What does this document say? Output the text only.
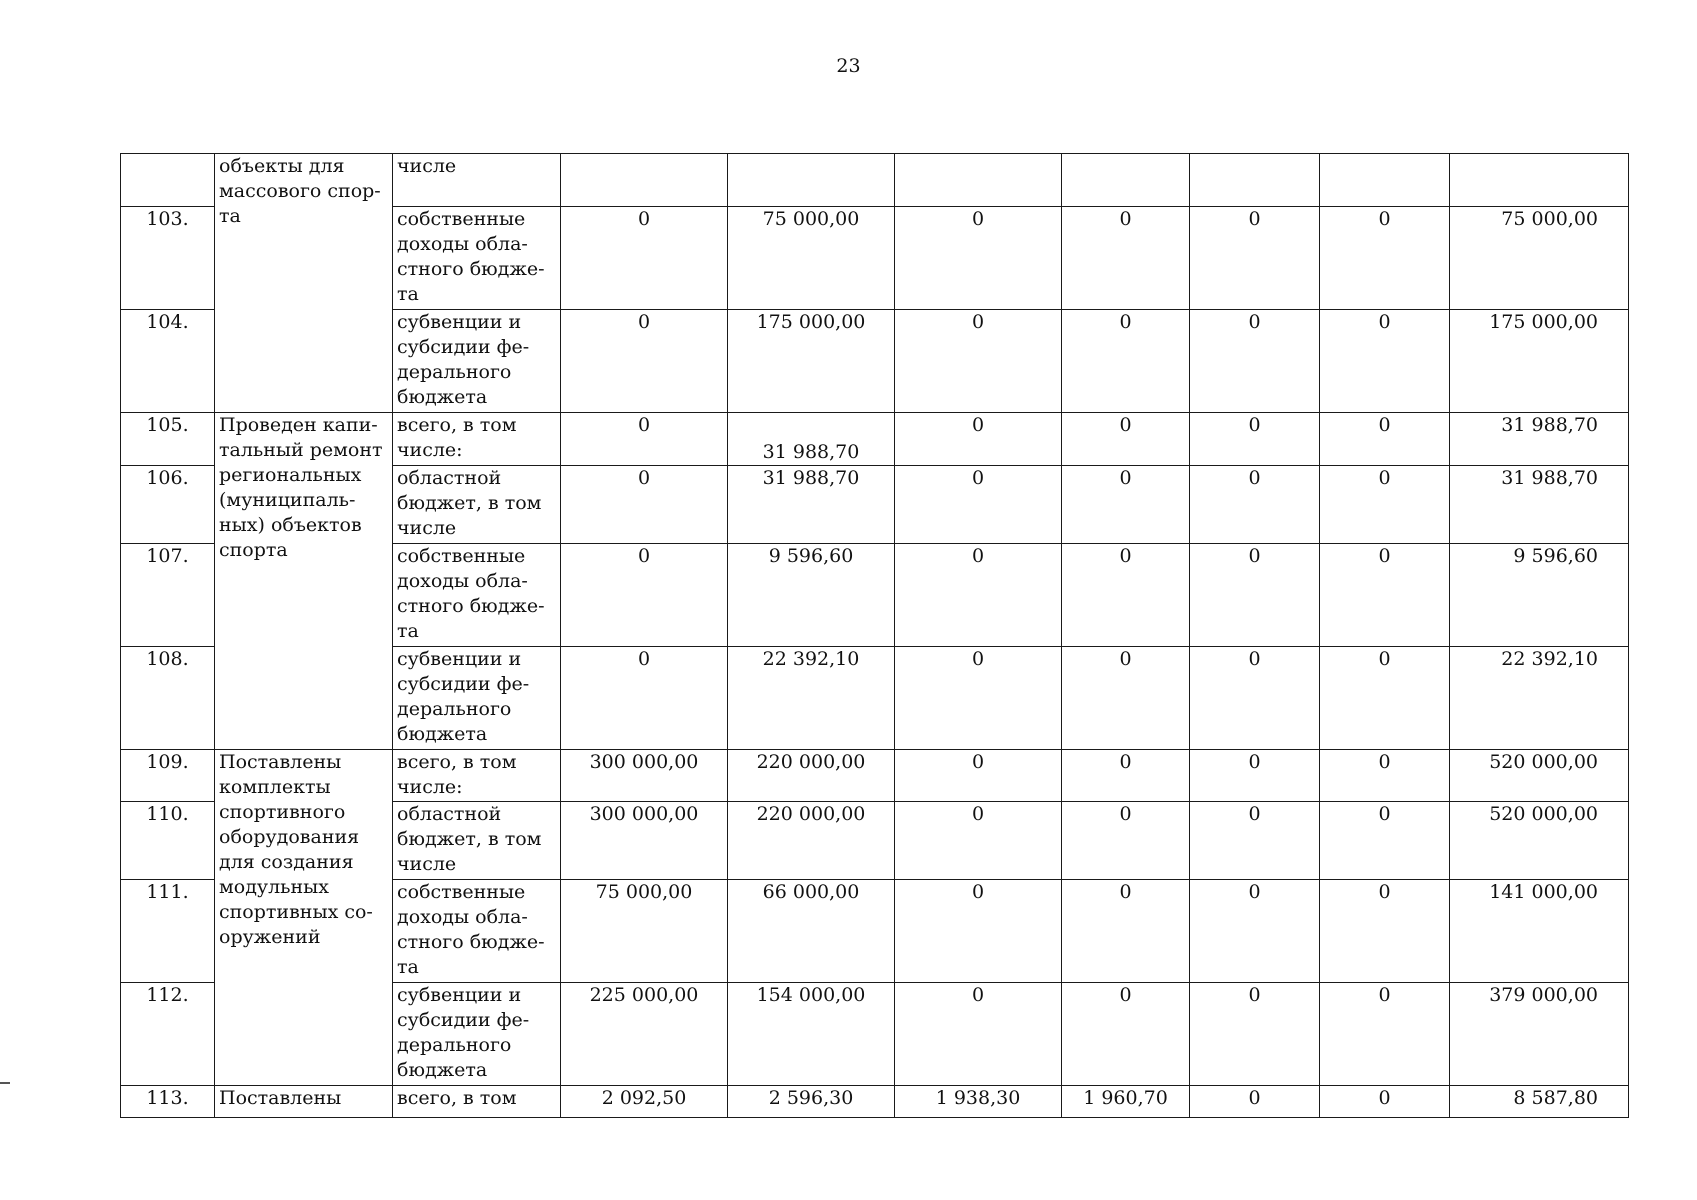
23
	объекты для массового спор-та	числе							
103.		собственные доходы обла-стного бюдже-та	0	75 000,00	0	0	0	0	75 000,00
104.		субвенции и субсидии фе-дерального бюджета	0	175 000,00	0	0	0	0	175 000,00
105.	Проведен капи-тальный ремонт региональных (муниципаль-ных) объектов спорта	всего, в том числе:	0	31 988,70	0	0	0	0	31 988,70
106.		областной бюджет, в том числе	0	31 988,70	0	0	0	0	31 988,70
107.		собственные доходы обла-стного бюдже-та	0	9 596,60	0	0	0	0	9 596,60
108.		субвенции и субсидии фе-дерального бюджета	0	22 392,10	0	0	0	0	22 392,10
109.	Поставлены комплекты спортивного оборудования для создания модульных спортивных со-оружений	всего, в том числе:	300 000,00	220 000,00	0	0	0	0	520 000,00
110.		областной бюджет, в том числе	300 000,00	220 000,00	0	0	0	0	520 000,00
111.		собственные доходы обла-стного бюдже-та	75 000,00	66 000,00	0	0	0	0	141 000,00
112.		субвенции и субсидии фе-дерального бюджета	225 000,00	154 000,00	0	0	0	0	379 000,00
113.	Поставлены	всего, в том	2 092,50	2 596,30	1 938,30	1 960,70	0	0	8 587,80
